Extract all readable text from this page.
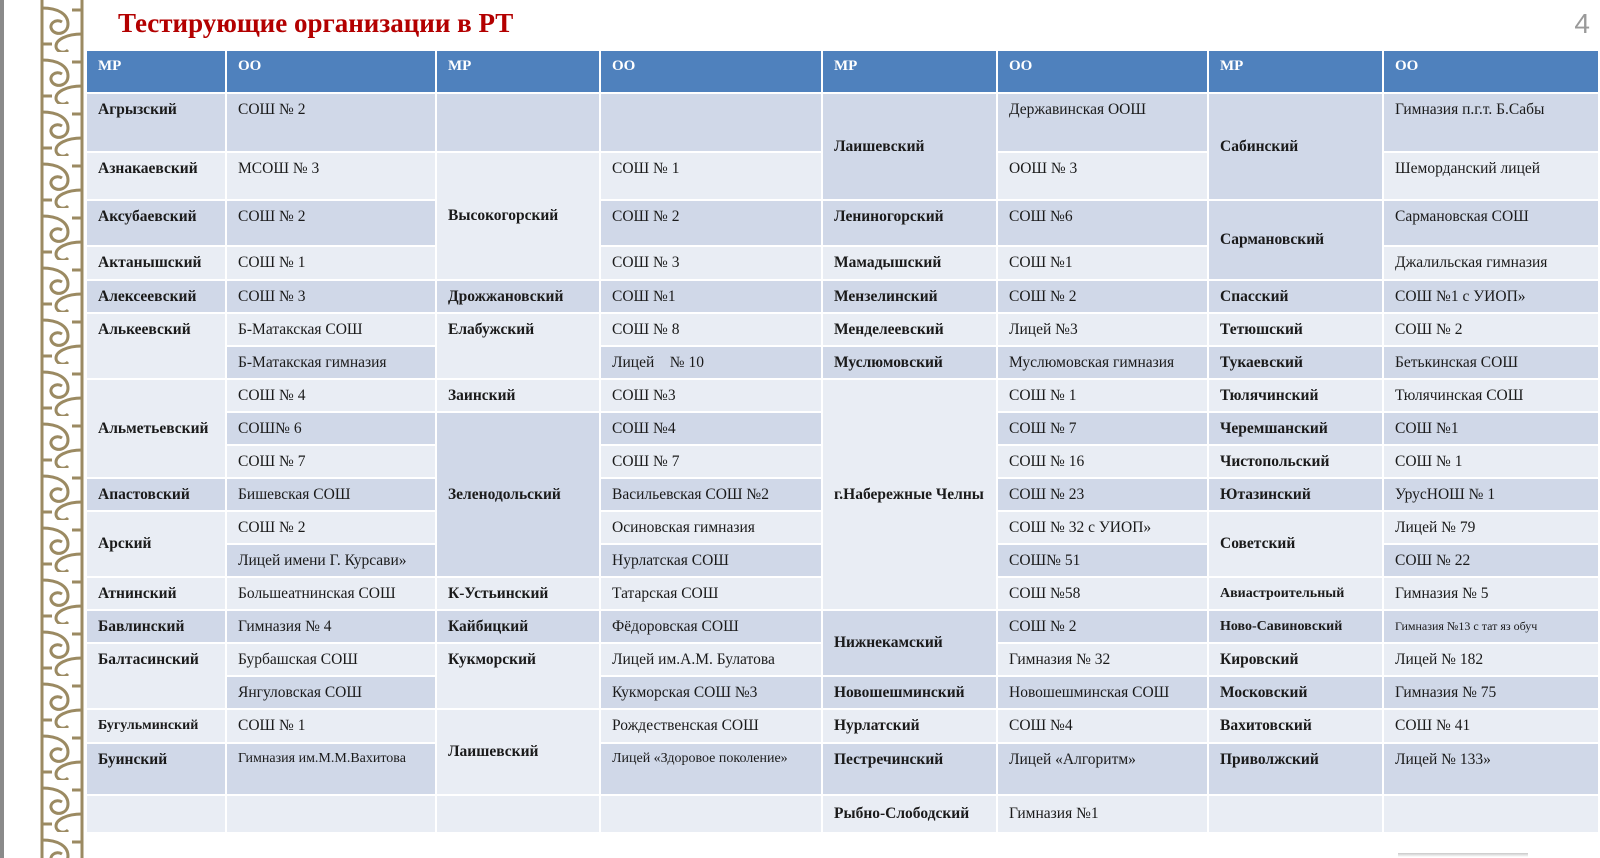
Тестирующие организации в РТ	4
МР	ОО	МР	ОО	МР	ОО	МР	ОО
Агрызский	СОШ № 2			Лаишевский	Державинская ООШ	Сабинский	Гимназия п.г.т. Б.Сабы
Азнакаевский	МСОШ № 3	Высокогорский	СОШ № 1		ООШ № 3		Шеморданский лицей
Аксубаевский	СОШ № 2		СОШ № 2	Лениногорский	СОШ №6	Сармановский	Сармановская СОШ
Актанышский	СОШ № 1		СОШ № 3	Мамадышский	СОШ №1		Джалильская гимназия
Алексеевский	СОШ № 3	Дрожжановский	СОШ №1	Мензелинский	СОШ № 2	Спасский	СОШ №1 с УИОП»
Алькеевский	Б-Матакская СОШ	Елабужский	СОШ № 8	Менделеевский	Лицей №3	Тетюшский	СОШ № 2
	Б-Матакская гимназия		Лицей    № 10	Муслюмовский	Муслюмовская гимназия	Тукаевский	Бетькинская СОШ
Альметьевский	СОШ № 4	Заинский	СОШ №3	г.Набережные Челны	СОШ № 1	Тюлячинский	Тюлячинская СОШ
	СОШ№ 6	Зеленодольский	СОШ №4		СОШ № 7	Черемшанский	СОШ №1
	СОШ № 7		СОШ № 7		СОШ № 16	Чистопольский	СОШ № 1
Апастовский	Бишевская СОШ		Васильевская СОШ №2		СОШ № 23	Ютазинский	УрусНОШ № 1
Арский	СОШ № 2		Осиновская гимназия		СОШ № 32 с УИОП»	Советский	Лицей № 79
	Лицей имени Г. Курсави»		Нурлатская СОШ		СОШ№ 51		СОШ № 22
Атнинский	Большеатнинская СОШ	К-Устьинский	Татарская СОШ		СОШ №58	Авиастроительный	Гимназия № 5
Бавлинский	Гимназия № 4	Кайбицкий	Фёдоровская СОШ	Нижнекамский	СОШ № 2	Ново-Савиновский	Гимназия №13 с тат яз обуч
Балтасинский	Бурбашская СОШ	Кукморский	Лицей им.А.М. Булатова		Гимназия № 32	Кировский	Лицей № 182
	Янгуловская СОШ		Кукморская СОШ №3	Новошешминский	Новошешминская СОШ	Московский	Гимназия № 75
Бугульминский	СОШ № 1	Лаишевский	Рождественская СОШ	Нурлатский	СОШ №4	Вахитовский	СОШ № 41
Буинский	Гимназия им.М.М.Вахитова		Лицей «Здоровое поколение»	Пестречинский	Лицей «Алгоритм»	Приволжский	Лицей № 133»
				Рыбно-Слободский	Гимназия №1		
